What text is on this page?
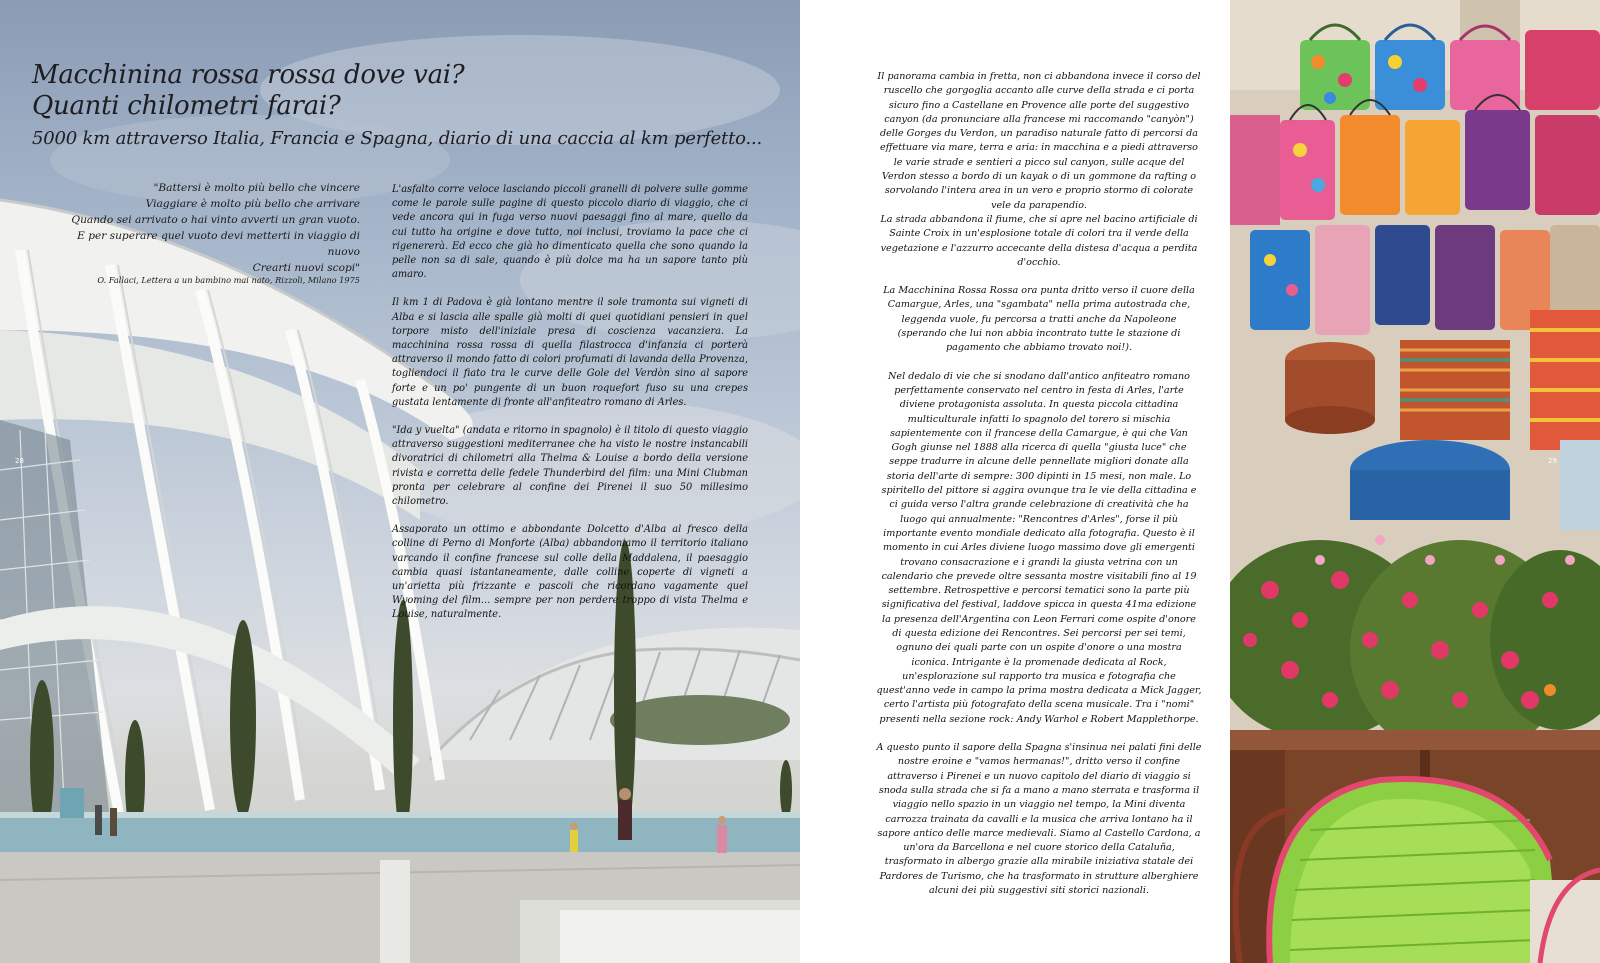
Macchinina rossa rossa dove vai?
Quanti chilometri farai?

5000 km attraverso Italia, Francia e Spagna, diario di una caccia al km perfetto...

"Battersi è molto più bello che vincere

Viaggiare è molto più bello che arrivare

Quando sei arrivato o hai vinto avverti un gran vuoto.

E per superare quel vuoto devi metterti in viaggio di nuovo

Crearti nuovi scopi"

O. Fallaci, Lettera a un bambino mai nato, Rizzoli, Milano 1975

L'asfalto corre veloce lasciando piccoli granelli di polvere sulle gomme come le parole sulle pagine di questo piccolo diario di viaggio, che ci vede ancora qui in fuga verso nuovi paesaggi fino al mare, quello da cui tutto ha origine e dove tutto, noi inclusi, troviamo la pace che ci rigenererà. Ed ecco che già ho dimenticato quella che sono quando la pelle non sa di sale, quando è più dolce ma ha un sapore tanto più amaro.

Il km 1 di Padova è già lontano mentre il sole tramonta sui vigneti di Alba e si lascia alle spalle già molti di quei quotidiani pensieri in quel torpore misto dell'iniziale presa di coscienza vacanziera. La macchinina rossa rossa di quella filastrocca d'infanzia ci porterà attraverso il mondo fatto di colori profumati di lavanda della Provenza, togliendoci il fiato tra le curve delle Gole del Verdòn sino al sapore forte e un po' pungente di un buon roquefort fuso su una crepes gustata lentamente di fronte all'anfiteatro romano di Arles.

"Ida y vuelta" (andata e ritorno in spagnolo) è il titolo di questo viaggio attraverso suggestioni mediterranee che ha visto le nostre instancabili divoratrici di chilometri alla Thelma & Louise a bordo della versione rivista e corretta delle fedele Thunderbird del film: una Mini Clubman pronta per celebrare al confine dei Pirenei il suo 50 millesimo chilometro.

Assaporato un ottimo e abbondante Dolcetto d'Alba al fresco della colline di Perno di Monforte (Alba) abbandoniamo il territorio italiano varcando il confine francese sul colle della Maddalena, il paesaggio cambia quasi istantaneamente, dalle colline coperte di vigneti a un'arietta più frizzante e pascoli che ricordano vagamente quel Wyoming del film... sempre per non perdere troppo di vista Thelma e Louise, naturalmente.

28

Il panorama cambia in fretta, non ci abbandona invece il corso del ruscello che gorgoglia accanto alle curve della strada e ci porta sicuro fino a Castellane en Provence alle porte del suggestivo canyon (da pronunciare alla francese mi raccomando "canyòn") delle Gorges du Verdon, un paradiso naturale fatto di percorsi da effettuare via mare, terra e aria: in macchina e a piedi attraverso le varie strade e sentieri a picco sul canyon, sulle acque del Verdon stesso a bordo di un kayak o di un gommone da rafting o sorvolando l'intera area in un vero e proprio stormo di colorate vele da parapendio.

La strada abbandona il fiume, che si apre nel bacino artificiale di Sainte Croix in un'esplosione totale di colori tra il verde della vegetazione e l'azzurro accecante della distesa d'acqua a perdita d'occhio.

La Macchinina Rossa Rossa ora punta dritto verso il cuore della Camargue, Arles, una "sgambata" nella prima autostrada che, leggenda vuole, fu percorsa a tratti anche da Napoleone (sperando che lui non abbia incontrato tutte le stazione di pagamento che abbiamo trovato noi!).

Nel dedalo di vie che si snodano dall'antico anfiteatro romano perfettamente conservato nel centro in festa di Arles, l'arte diviene protagonista assoluta. In questa piccola cittadina multiculturale infatti lo spagnolo del torero si mischia sapientemente con il francese della Camargue, è qui che Van Gogh giunse nel 1888 alla ricerca di quella "giusta luce" che seppe tradurre in alcune delle pennellate migliori donate alla storia dell'arte di sempre: 300 dipinti in 15 mesi, non male. Lo spiritello del pittore si aggira ovunque tra le vie della cittadina e ci guida verso l'altra grande celebrazione di creatività che ha luogo qui annualmente: "Rencontres d'Arles", forse il più importante evento mondiale dedicato alla fotografia. Questo è il momento in cui Arles diviene luogo massimo dove gli emergenti trovano consacrazione e i grandi la giusta vetrina con un calendario che prevede oltre sessanta mostre visitabili fino al 19 settembre. Retrospettive e percorsi tematici sono la parte più significativa del festival, laddove spicca in questa 41ma edizione la presenza dell'Argentina con Leon Ferrari come ospite d'onore di questa edizione dei Rencontres. Sei percorsi per sei temi, ognuno dei quali parte con un ospite d'onore o una mostra iconica. Intrigante è la promenade dedicata al Rock, un'esplorazione sul rapporto tra musica e fotografia che quest'anno vede in campo la prima mostra dedicata a Mick Jagger, certo l'artista più fotografato della scena musicale. Tra i "nomi" presenti nella sezione rock: Andy Warhol e Robert Mapplethorpe.

A questo punto il sapore della Spagna s'insinua nei palati fini delle nostre eroine e "vamos hermanas!", dritto verso il confine attraverso i Pirenei e un nuovo capitolo del diario di viaggio si snoda sulla strada che si fa a mano a mano sterrata e trasforma il viaggio nello spazio in un viaggio nel tempo, la Mini diventa carrozza trainata da cavalli e la musica che arriva lontano ha il sapore antico delle marce medievali. Siamo al Castello Cardona, a un'ora da Barcellona e nel cuore storico della Cataluña, trasformato in albergo grazie alla mirabile iniziativa statale dei Pardores de Turismo, che ha trasformato in strutture alberghiere alcuni dei più suggestivi siti storici nazionali.

29
